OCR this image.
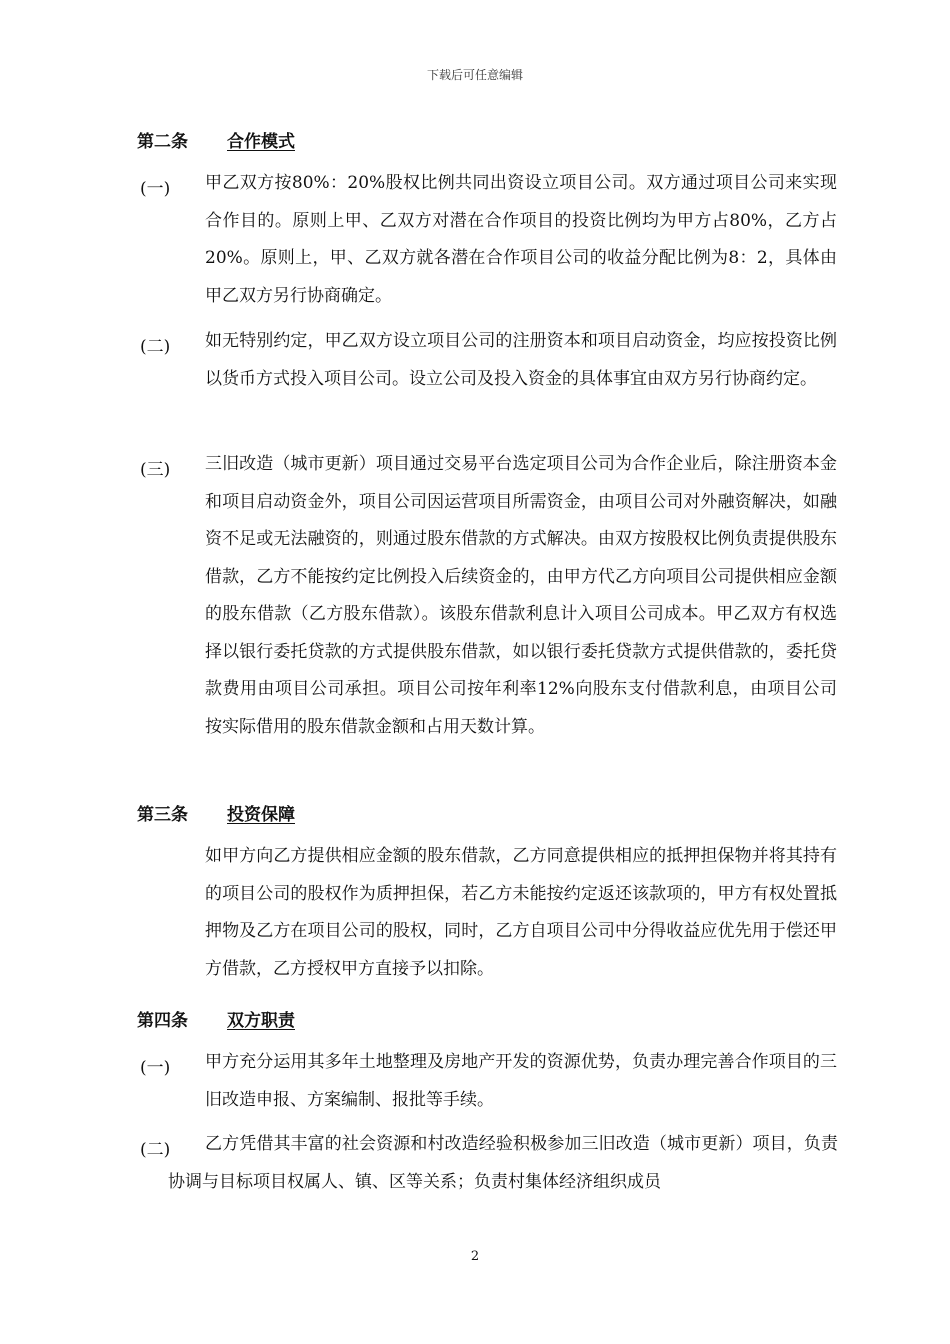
下载后可任意编辑
第二条 合作模式
(一) 甲乙双方按80%：20%股权比例共同出资设立项目公司。双方通过项目公司来实现合作目的。原则上甲、乙双方对潜在合作项目的投资比例均为甲方占80%，乙方占20%。原则上，甲、乙双方就各潜在合作项目公司的收益分配比例为8：2，具体由甲乙双方另行协商确定。
(二) 如无特别约定，甲乙双方设立项目公司的注册资本和项目启动资金，均应按投资比例以货币方式投入项目公司。设立公司及投入资金的具体事宜由双方另行协商约定。
(三) 三旧改造（城市更新）项目通过交易平台选定项目公司为合作企业后，除注册资本金和项目启动资金外，项目公司因运营项目所需资金，由项目公司对外融资解决，如融资不足或无法融资的，则通过股东借款的方式解决。由双方按股权比例负责提供股东借款，乙方不能按约定比例投入后续资金的，由甲方代乙方向项目公司提供相应金额的股东借款（乙方股东借款）。该股东借款利息计入项目公司成本。甲乙双方有权选择以银行委托贷款的方式提供股东借款，如以银行委托贷款方式提供借款的，委托贷款费用由项目公司承担。项目公司按年利率12%向股东支付借款利息，由项目公司按实际借用的股东借款金额和占用天数计算。
第三条 投资保障
如甲方向乙方提供相应金额的股东借款，乙方同意提供相应的抵押担保物并将其持有的项目公司的股权作为质押担保，若乙方未能按约定返还该款项的，甲方有权处置抵押物及乙方在项目公司的股权，同时，乙方自项目公司中分得收益应优先用于偿还甲方借款，乙方授权甲方直接予以扣除。
第四条 双方职责
(一) 甲方充分运用其多年土地整理及房地产开发的资源优势，负责办理完善合作项目的三旧改造申报、方案编制、报批等手续。
(二)	乙方凭借其丰富的社会资源和村改造经验积极参加三旧改造（城市更新）项目，负责协调与目标项目权属人、镇、区等关系；负责村集体经济组织成员
2
